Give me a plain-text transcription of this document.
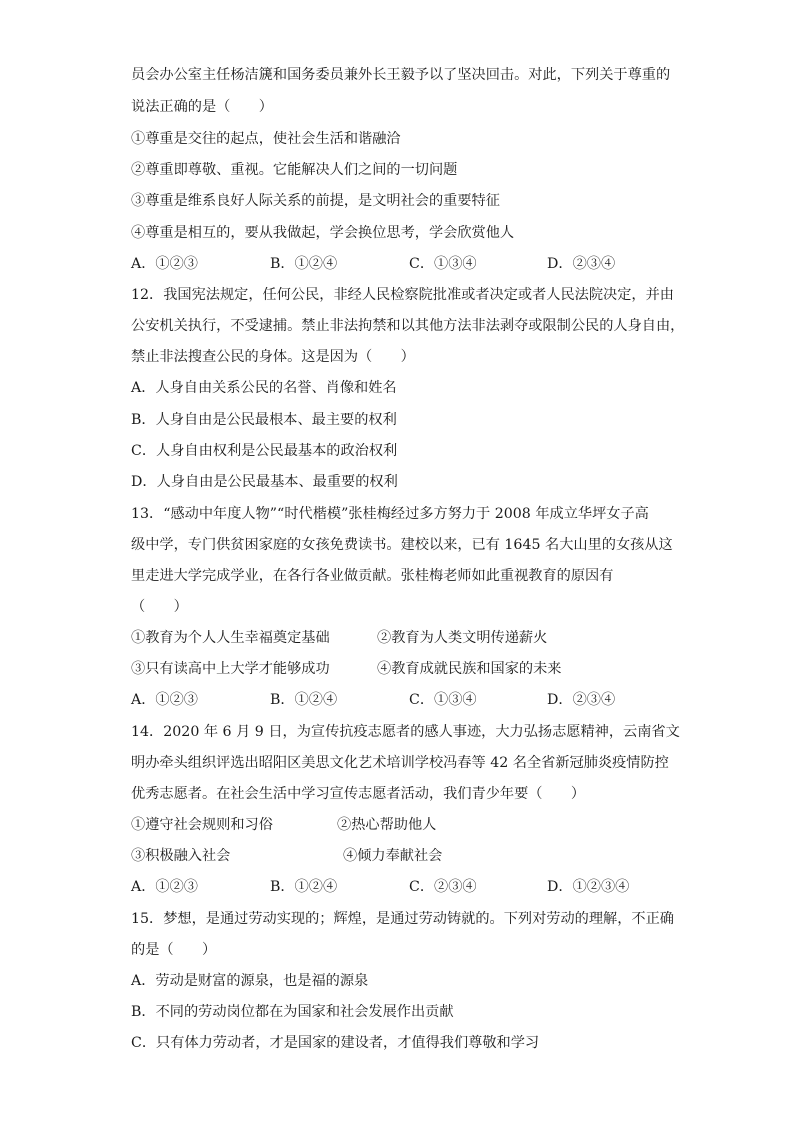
员会办公室主任杨洁篪和国务委员兼外长王毅予以了坚决回击。对此，下列关于尊重的
说法正确的是（　　）
①尊重是交往的起点，使社会生活和谐融洽
②尊重即尊敬、重视。它能解决人们之间的一切问题
③尊重是维系良好人际关系的前提，是文明社会的重要特征
④尊重是相互的，要从我做起，学会换位思考，学会欣赏他人
A．①②③	B．①②④	C．①③④	D．②③④
12．我国宪法规定，任何公民，非经人民检察院批准或者决定或者人民法院决定，并由
公安机关执行，不受逮捕。禁止非法拘禁和以其他方法非法剥夺或限制公民的人身自由，
禁止非法搜查公民的身体。这是因为（　　）
A．人身自由关系公民的名誉、肖像和姓名
B．人身自由是公民最根本、最主要的权利
C．人身自由权利是公民最基本的政治权利
D．人身自由是公民最基本、最重要的权利
13．“感动中年度人物”“时代楷模”张桂梅经过多方努力于 2008 年成立华坪女子高
级中学，专门供贫困家庭的女孩免费读书。建校以来，已有 1645 名大山里的女孩从这
里走进大学完成学业，在各行各业做贡献。张桂梅老师如此重视教育的原因有
（　　）
①教育为个人人生幸福奠定基础	②教育为人类文明传递薪火
③只有读高中上大学才能够成功	④教育成就民族和国家的未来
A．①②③	B．①②④	C．①③④	D．②③④
14．2020 年 6 月 9 日，为宣传抗疫志愿者的感人事迹，大力弘扬志愿精神，云南省文
明办牵头组织评选出昭阳区美思文化艺术培训学校冯春等 42 名全省新冠肺炎疫情防控
优秀志愿者。在社会生活中学习宣传志愿者活动，我们青少年要（　　）
①遵守社会规则和习俗	②热心帮助他人
③积极融入社会	④倾力奉献社会
A．①②③	B．①②④	C．②③④	D．①②③④
15．梦想，是通过劳动实现的；辉煌，是通过劳动铸就的。下列对劳动的理解，不正确
的是（　　）
A．劳动是财富的源泉，也是福的源泉
B．不同的劳动岗位都在为国家和社会发展作出贡献
C．只有体力劳动者，才是国家的建设者，才值得我们尊敬和学习
